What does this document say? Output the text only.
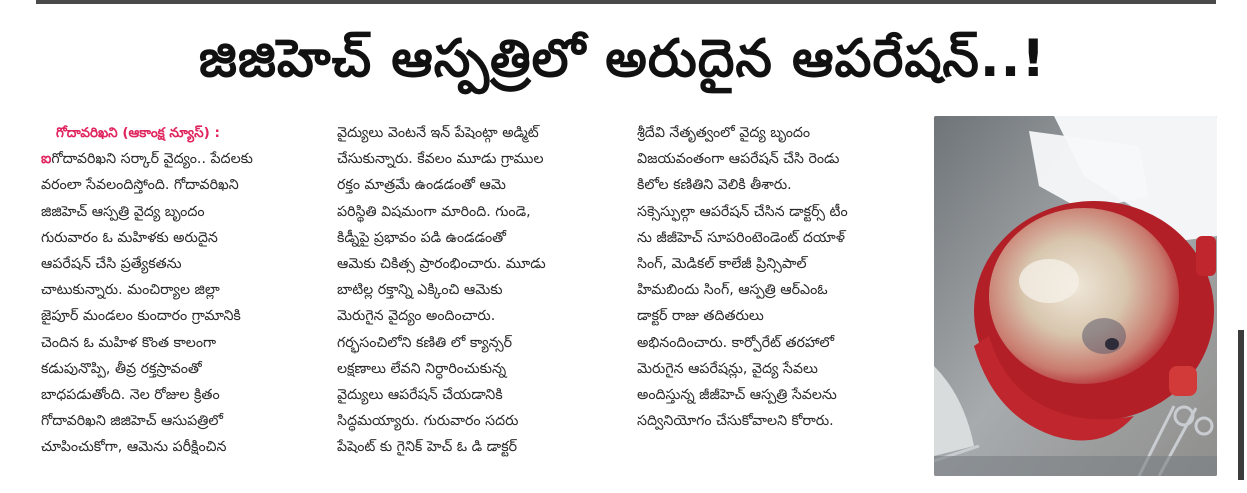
జిజిహెచ్ ఆస్పత్రిలో అరుదైన ఆపరేషన్..!
గోదావరిఖని (ఆకాంక్ష న్యూస్) :
ఐగోదావరిఖని సర్కార్ వైద్యం.. పేదలకు
వరంలా సేవలందిస్తోంది. గోదావరిఖని
జిజిహెచ్ ఆస్పత్రి వైద్య బృందం
గురువారం ఓ మహిళకు అరుదైన
ఆపరేషన్ చేసి ప్రత్యేకతను
చాటుకున్నారు. మంచిర్యాల జిల్లా
జైపూర్ మండలం కుందారం గ్రామానికి
చెందిన ఓ మహిళ కొంత కాలంగా
కడుపునొప్పి, తీవ్ర రక్తస్రావంతో
బాధపడుతోంది. నెల రోజుల క్రితం
గోదావరిఖని జిజిహెచ్ ఆసుపత్రిలో
చూపించుకోగా, ఆమెను పరీక్షించిన
వైద్యులు వెంటనే ఇన్ పేషెంట్గా అడ్మిట్
చేసుకున్నారు. కేవలం మూడు గ్రాముల
రక్తం మాత్రమే ఉండడంతో ఆమె
పరిస్థితి విషమంగా మారింది. గుండె,
కిడ్నీపై ప్రభావం పడి ఉండడంతో
ఆమెకు చికిత్స ప్రారంభించారు. మూడు
బాటిల్ల రక్తాన్ని ఎక్కించి ఆమెకు
మెరుగైన వైద్యం అందించారు.
గర్భసంచిలోని కణితి లో క్యాన్సర్
లక్షణాలు లేవని నిర్ధారించుకున్న
వైద్యులు ఆపరేషన్ చేయడానికి
సిద్ధమయ్యారు. గురువారం సదరు
పేషెంట్ కు గైనిక్ హెచ్ ఓ డి డాక్టర్
శ్రీదేవి నేతృత్వంలో వైద్య బృందం
విజయవంతంగా ఆపరేషన్ చేసి రెండు
కిలోల కణితిని వెలికి తీశారు.
సక్సెస్ఫుల్గా ఆపరేషన్ చేసిన డాక్టర్స్ టీం
ను జీజీహెచ్ సూపరింటెండెంట్ దయాళ్
సింగ్, మెడికల్ కాలేజీ ప్రిన్సిపాల్
హిమబిందు సింగ్, ఆస్పత్రి ఆర్ఎంఓ
డాక్టర్ రాజు తదితరులు
అభినందించారు. కార్పోరేట్ తరహాలో
మెరుగైన ఆపరేషన్లు, వైద్య సేవలు
అందిస్తున్న జీజీహెచ్ ఆస్పత్రి సేవలను
సద్వినియోగం చేసుకోవాలని కోరారు.
